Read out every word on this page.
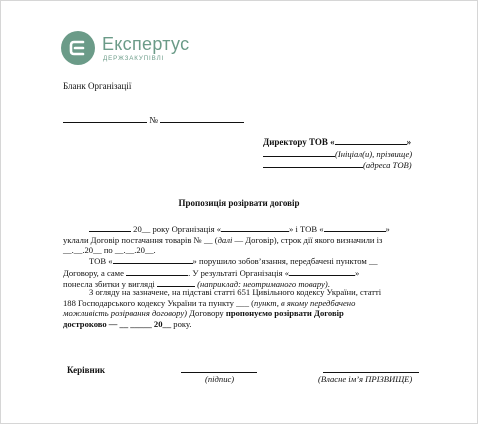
Експертус
ДЕРЖЗАКУПІВЛІ
Бланк Організації
№
Директору ТОВ «	»
(Ініціал(и), прізвище)
(адреса ТОВ)
Пропозиція розірвати договір

20__ року Організація «	» і ТОВ «	»

уклали Договір постачання товарів № __ (далі — Договір), строк дії якого визначили із

__.__.20__ по __.__.20__.

ТОВ «	» порушило зобов’язання, передбачені пунктом __

Договору, а саме	. У результаті Організація «	»

понесла збитки у вигляді	(наприклад: неотриманого товару).

З огляду на зазначене, на підставі статті 651 Цивільного кодексу України, статті

188 Господарського кодексу України та пункту ___ (пункт, в якому передбачено

можливість розірвання договору) Договору пропонуємо розірвати Договір

достроково — __ _____ 20__ року.

Керівник
(підпис)	(Власне ім’я ПРІЗВИЩЕ)
